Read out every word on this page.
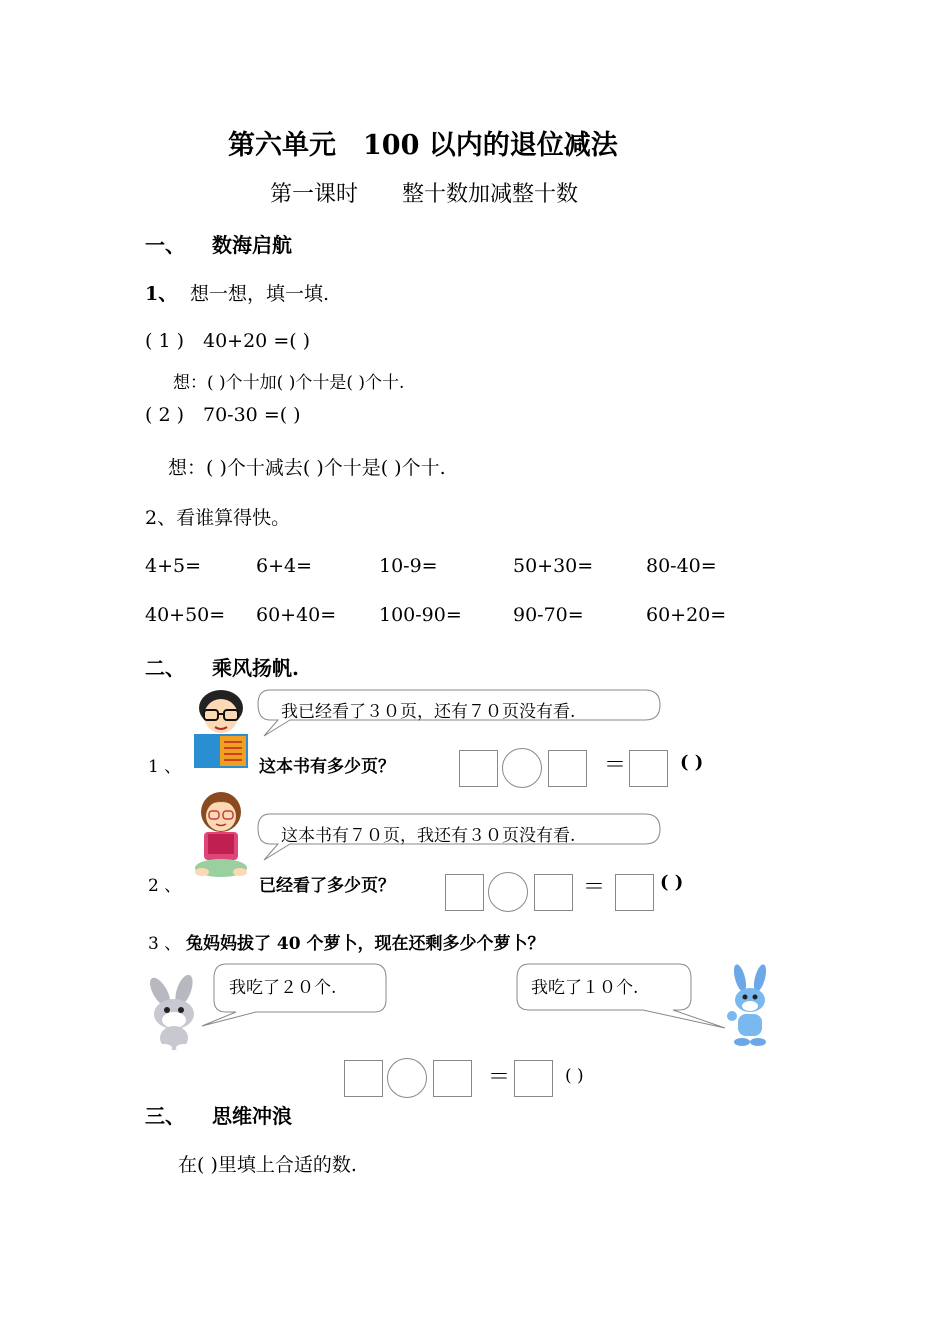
第六单元　100 以内的退位减法
第一课时　　整十数加减整十数
一、 数海启航
1、 想一想，填一填.
( 1 ) 40+20 =( )
想：( )个十加( )个十是( )个十.
( 2 ) 70-30 =( )
想：( )个十减去( )个十是( )个十.
2、看谁算得快。
4+5=	6+4=	10-9=	50+30=	80-40=
40+50= 60+40= 100-90=	90-70=	60+20=
二、 乘风扬帆.
我已经看了３０页，还有７０页没有看.
1 、	这本书有多少页？	＝	( )
这本书有７０页，我还有３０页没有看.
2 、	已经看了多少页？	＝	( )
3 、 兔妈妈拔了 40 个萝卜，现在还剩多少个萝卜？
我吃了２０个.	我吃了１０个.
＝	( )
三、 思维冲浪
在( )里填上合适的数.
